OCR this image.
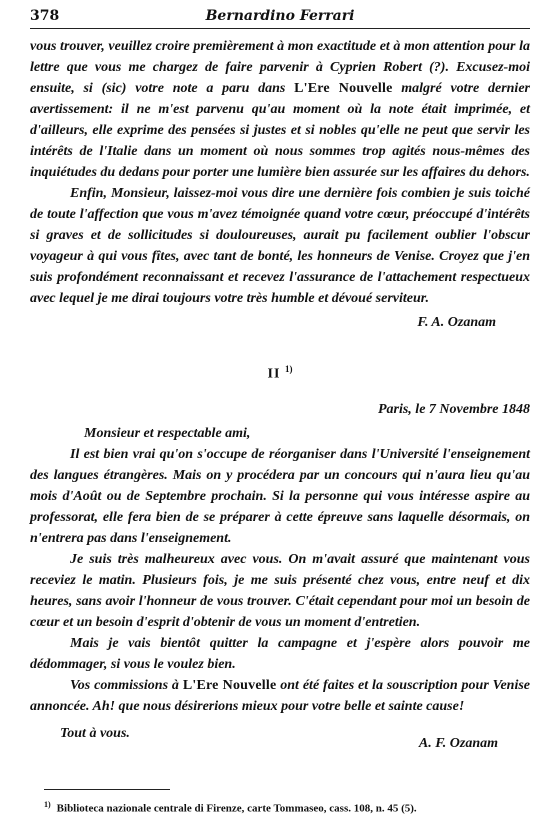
378	Bernardino Ferrari

vous trouver, veuillez croire premièrement à mon exactitude et à mon attention pour la lettre que vous me chargez de faire parvenir à Cyprien Robert (?). Excusez-moi ensuite, si (sic) votre note a paru dans L'Ere Nouvelle malgré votre dernier avertissement: il ne m'est parvenu qu'au moment où la note était imprimée, et d'ailleurs, elle exprime des pensées si justes et si nobles qu'elle ne peut que servir les intérêts de l'Italie dans un moment où nous sommes trop agités nous-mêmes des inquiétudes du dedans pour porter une lumière bien assurée sur les affaires du dehors.

Enfin, Monsieur, laissez-moi vous dire une dernière fois combien je suis toiché de toute l'affection que vous m'avez témoignée quand votre cœur, préoccupé d'intérêts si graves et de sollicitudes si douloureuses, aurait pu facilement oublier l'obscur voyageur à qui vous fîtes, avec tant de bonté, les honneurs de Venise. Croyez que j'en suis profondément reconnaissant et recevez l'assurance de l'attachement respectueux avec lequel je me dirai toujours votre très humble et dévoué serviteur.

F. A. Ozanam

II $^{1)}$

Paris, le 7 Novembre 1848

Monsieur et respectable ami,

Il est bien vrai qu'on s'occupe de réorganiser dans l'Université l'enseignement des langues étrangères. Mais on y procédera par un concours qui n'aura lieu qu'au mois d'Août ou de Septembre prochain. Si la personne qui vous intéresse aspire au professorat, elle fera bien de se préparer à cette épreuve sans laquelle désormais, on n'entrera pas dans l'enseignement.

Je suis très malheureux avec vous. On m'avait assuré que maintenant vous receviez le matin. Plusieurs fois, je me suis présenté chez vous, entre neuf et dix heures, sans avoir l'honneur de vous trouver. C'était cependant pour moi un besoin de cœur et un besoin d'esprit d'obtenir de vous un moment d'entretien.

Mais je vais bientôt quitter la campagne et j'espère alors pouvoir me dédommager, si vous le voulez bien.

Vos commissions à L'Ere Nouvelle ont été faites et la souscription pour Venise annoncée. Ah! que nous désirerions mieux pour votre belle et sainte cause!

Tout à vous.
A. F. Ozanam
$^{1)}$ Biblioteca nazionale centrale di Firenze, carte Tommaseo, cass. 108, n. 45 (5).
